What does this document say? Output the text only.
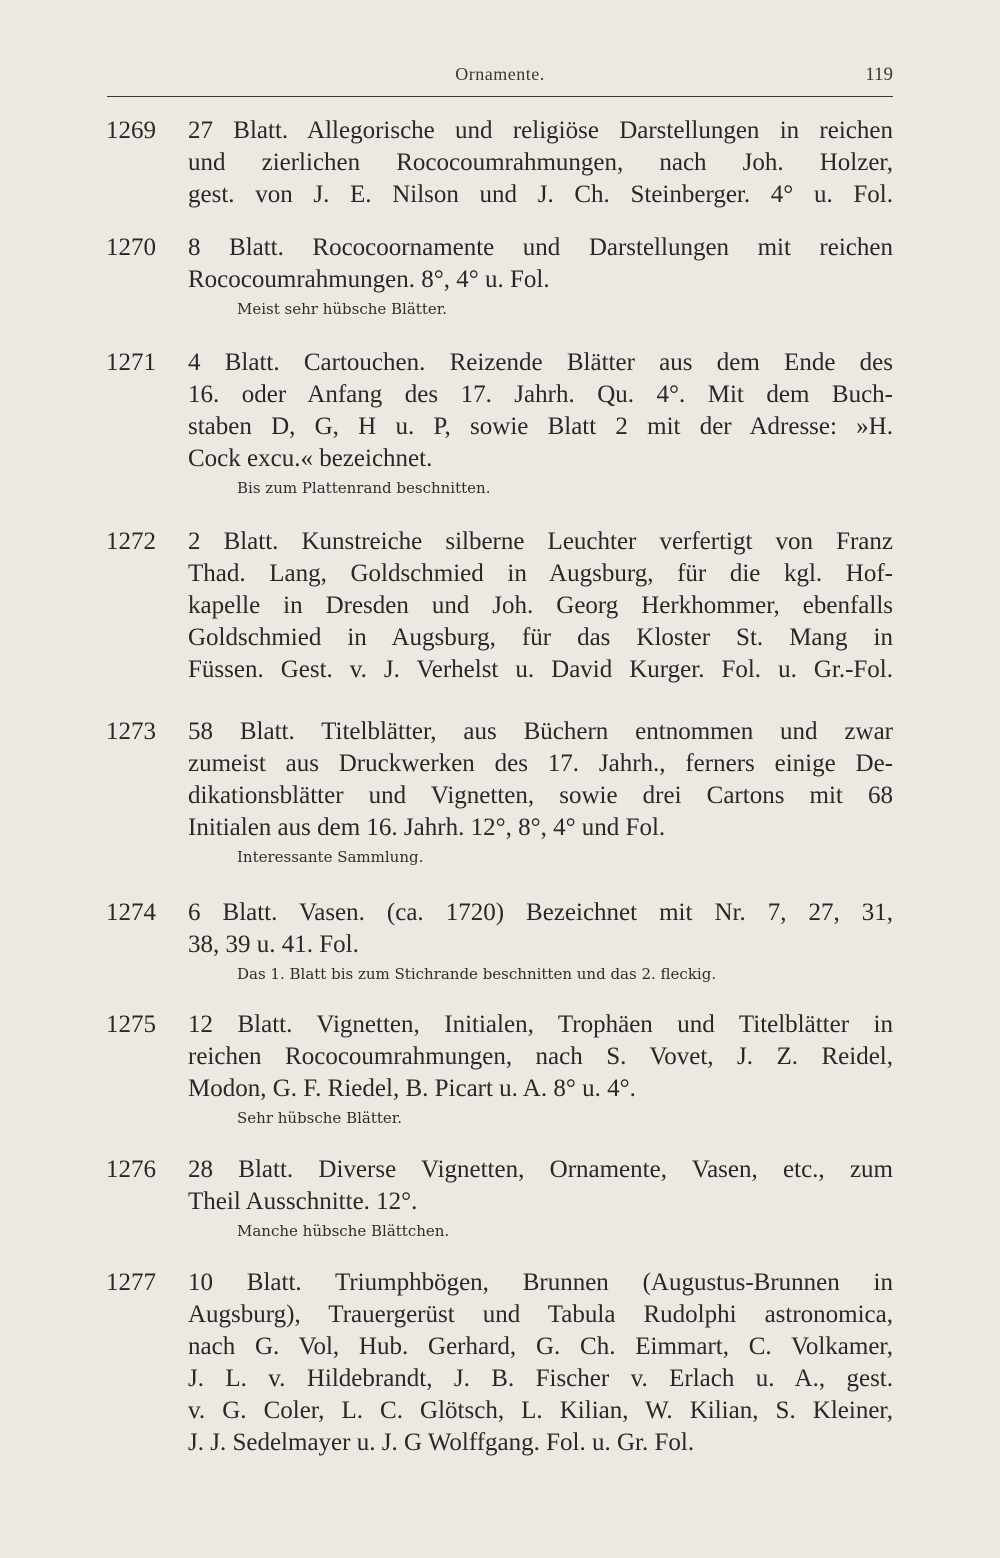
Ornamente.	119
1269 27 Blatt. Allegorische und religiöse Darstellungen in reichen
und zierlichen Rococoumrahmungen, nach Joh. Holzer,
gest. von J. E. Nilson und J. Ch. Steinberger. 4° u. Fol.
1270 8 Blatt. Rococoornamente und Darstellungen mit reichen
Rococoumrahmungen. 8°, 4° u. Fol.
Meist sehr hübsche Blätter.
1271 4 Blatt. Cartouchen. Reizende Blätter aus dem Ende des
16. oder Anfang des 17. Jahrh. Qu. 4°. Mit dem Buch-
staben D, G, H u. P, sowie Blatt 2 mit der Adresse: »H.
Cock excu.« bezeichnet.
Bis zum Plattenrand beschnitten.
1272 2 Blatt. Kunstreiche silberne Leuchter verfertigt von Franz
Thad. Lang, Goldschmied in Augsburg, für die kgl. Hof-
kapelle in Dresden und Joh. Georg Herkhommer, ebenfalls
Goldschmied in Augsburg, für das Kloster St. Mang in
Füssen. Gest. v. J. Verhelst u. David Kurger. Fol. u. Gr.-Fol.
1273 58 Blatt. Titelblätter, aus Büchern entnommen und zwar
zumeist aus Druckwerken des 17. Jahrh., ferners einige De-
dikationsblätter und Vignetten, sowie drei Cartons mit 68
Initialen aus dem 16. Jahrh. 12°, 8°, 4° und Fol.
Interessante Sammlung.
1274 6 Blatt. Vasen. (ca. 1720) Bezeichnet mit Nr. 7, 27, 31,
38, 39 u. 41. Fol.
Das 1. Blatt bis zum Stichrande beschnitten und das 2. fleckig.
1275 12 Blatt. Vignetten, Initialen, Trophäen und Titelblätter in
reichen Rococoumrahmungen, nach S. Vovet, J. Z. Reidel,
Modon, G. F. Riedel, B. Picart u. A. 8° u. 4°.
Sehr hübsche Blätter.
1276 28 Blatt. Diverse Vignetten, Ornamente, Vasen, etc., zum
Theil Ausschnitte. 12°.
Manche hübsche Blättchen.
1277 10 Blatt. Triumphbögen, Brunnen (Augustus-Brunnen in
Augsburg), Trauergerüst und Tabula Rudolphi astronomica,
nach G. Vol, Hub. Gerhard, G. Ch. Eimmart, C. Volkamer,
J. L. v. Hildebrandt, J. B. Fischer v. Erlach u. A., gest.
v. G. Coler, L. C. Glötsch, L. Kilian, W. Kilian, S. Kleiner,
J. J. Sedelmayer u. J. G Wolffgang. Fol. u. Gr. Fol.
